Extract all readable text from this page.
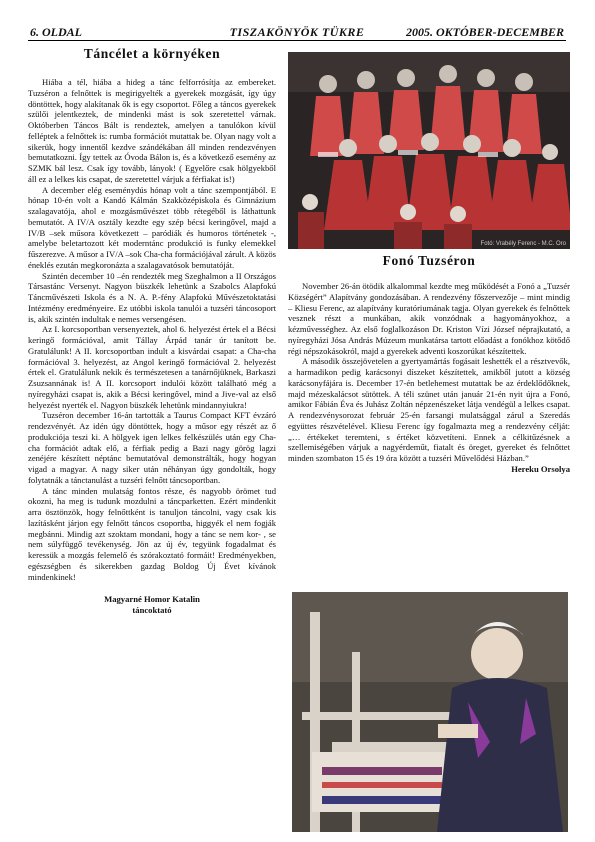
6. OLDAL	TISZAKÖNYÖK TÜKRE	2005. OKTÓBER-DECEMBER
Táncélet a környéken

Hiába a tél, hiába a hideg a tánc felforrósítja az embereket. Tuzséron a felnőttek is megirigyelték a gyerekek mozgását, így úgy döntöttek, hogy alakítanak ők is egy csoportot. Főleg a táncos gyerekek szülői jelentkeztek, de mindenki mást is sok szeretettel várnak. Októberben Táncos Bált is rendeztek, amelyen a tanulókon kívül felléptek a felnőttek is: rumba formációt mutattak be. Olyan nagy volt a sikerük, hogy innentől kezdve szándékában áll minden rendezvényen bemutatkozni. Így tettek az Óvoda Bálon is, és a következő esemény az SZMK bál lesz. Csak így tovább, lányok! ( Egyelőre csak hölgyekből áll ez a lelkes kis csapat, de szeretettel várjuk a férfiakat is!)

A december elég eseménydús hónap volt a tánc szempontjából. E hónap 10-én volt a Kandó Kálmán Szakközépiskola és Gimnázium szalagavatója, ahol e mozgásművészet több rétegéből is láthattunk bemutatót. A IV/A osztály kezdte egy szép bécsi keringővel, majd a IV/B –sek műsora következett – paródiák és humoros történetek -, amelybe beletartozott két moderntánc produkció is funky elemekkel fűszerezve. A műsor a IV/A –sok Cha-cha formációjával zárult. A közös éneklés ezután megkoronázta a szalagavatósok bemutatóját.

Szintén december 10 –én rendezték meg Szeghalmon a II Országos Társastánc Versenyt. Nagyon büszkék lehetünk a Szabolcs Alapfokú Táncművészeti Iskola és a N. A. P.-fény Alapfokú Művészetoktatási Intézmény eredményeire. Ez utóbbi iskola tanulói a tuzséri táncosoport is, akik szintén indultak e nemes versengésen.

Az I. korcsoportban versenyeztek, ahol 6. helyezést értek el a Bécsi keringő formációval, amit Tállay Árpád tanár úr tanított be. Gratulálunk! A II. korcsoportban indult a kisvárdai csapat: a Cha-cha formációval 3. helyezést, az Angol keringő formációval 2. helyezést értek el. Gratulálunk nekik és természetesen a tanárnőjüknek, Barkaszi Zsuzsannának is! A II. korcsoport indulói között található még a nyíregyházi csapat is, akik a Bécsi keringővel, mind a Jive-val az első helyezést nyerték el. Nagyon büszkék lehetünk mindannyiukra!

Tuzséron december 16-án tartották a Taurus Compact KFT évzáró rendezvényét. Az idén úgy döntöttek, hogy a műsor egy részét az ő produkciója teszi ki. A hölgyek igen lelkes felkészülés után egy Cha- cha formációt adtak elő, a férfiak pedig a Bazi nagy görög lagzi zenéjére készített néptánc bemutatóval demonstrálták, hogy hogyan vigad a magyar. A nagy siker után néhányan úgy gondolták, hogy folytatnák a tánctanulást a tuzséri felnőtt táncsoportban.

A tánc minden mulatság fontos része, és nagyobb örömet tud okozni, ha meg is tudunk mozdulni a táncparketten. Ezért mindenkit arra ösztönzök, hogy felnőttként is tanuljon táncolni, vagy csak kis lazításként járjon egy felnőtt táncos csoportba, higgyék el nem fogják megbánni. Mindig azt szoktam mondani, hogy a tánc se nem kor- , se nem súlyfüggő tevékenység. Jön az új év, tegyünk fogadalmat és keressük a mozgás felemelő és szórakoztató formáit! Eredményekben, egészségben és sikerekben gazdag Boldog Új Évet kívánok mindenkinek!

Magyarné Homor Katalin
táncoktató
Fotó: Vrabély Ferenc - M.C. Oro
Fonó Tuzséron

November 26-án ötödik alkalommal kezdte meg működését a Fonó a „Tuzsér Községért” Alapítvány gondozásában. A rendezvény főszervezője – mint mindig – Kliesu Ferenc, az alapítvány kuratóriumának tagja. Olyan gyerekek és felnőttek vesznek részt a munkában, akik vonzódnak a hagyományokhoz, a kézművességhez. Az első foglalkozáson Dr. Kriston Vízi József néprajkutató, a nyíregyházi Jósa András Múzeum munkatársa tartott előadást a fonókhoz kötődő régi népszokásokról, majd a gyerekek adventi koszorúkat készítettek.

A második összejövetelen a gyertyamártás fogásait leshették el a résztvevők, a harmadikon pedig karácsonyi díszeket készítettek, amikből jutott a község karácsonyfájára is. December 17-én betlehemest mutattak be az érdeklődőknek, majd mézeskalácsot sütöttek. A téli szünet után január 21-én nyit újra a Fonó, amikor Fábián Éva és Juhász Zoltán népzenészeket látja vendégül a lelkes csapat. A rendezvénysorozat február 25-én farsangi mulatsággal zárul a Szeredás együttes részvételével. Kliesu Ferenc így fogalmazta meg a rendezvény célját: „… értékeket teremteni, s értéket közvetíteni. Ennek a célkitűzésnek a szellemiségében várjuk a nagyérdeműt, fiatalt és öreget, gyereket és felnőttet minden szombaton 15 és 19 óra között a tuzséri Művelődési Házban.”
Hereku Orsolya
